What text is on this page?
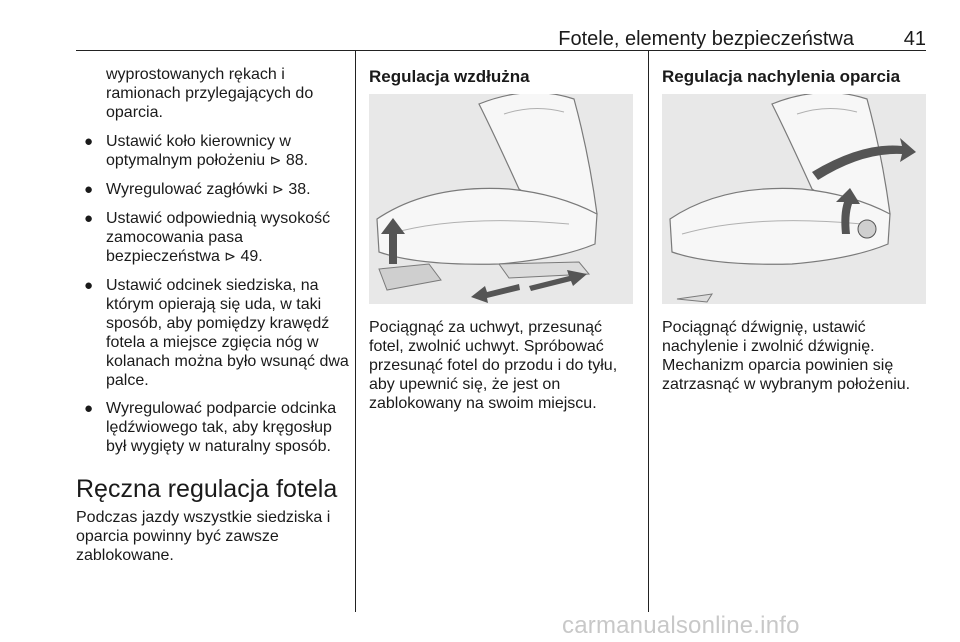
Fotele, elementy bezpieczeństwa 41

wyprostowanych rękach i ramionach przylegających do oparcia.

● Ustawić koło kierownicy w optymalnym położeniu ⊳ 88.
● Wyregulować zagłówki ⊳ 38.
● Ustawić odpowiednią wysokość zamocowania pasa bezpieczeństwa ⊳ 49.
● Ustawić odcinek siedziska, na którym opierają się uda, w taki sposób, aby pomiędzy krawędź fotela a miejsce zgięcia nóg w kolanach można było wsunąć dwa palce.
● Wyregulować podparcie odcinka lędźwiowego tak, aby kręgosłup był wygięty w naturalny sposób.
Ręczna regulacja fotela

Podczas jazdy wszystkie siedziska i oparcia powinny być zawsze zablokowane.

Regulacja wzdłużna

Pociągnąć za uchwyt, przesunąć fotel, zwolnić uchwyt. Spróbować przesunąć fotel do przodu i do tyłu, aby upewnić się, że jest on zablokowany na swoim miejscu.

Regulacja nachylenia oparcia

Pociągnąć dźwignię, ustawić nachylenie i zwolnić dźwignię. Mechanizm oparcia powinien się zatrzasnąć w wybranym położeniu.

carmanualsonline.info
